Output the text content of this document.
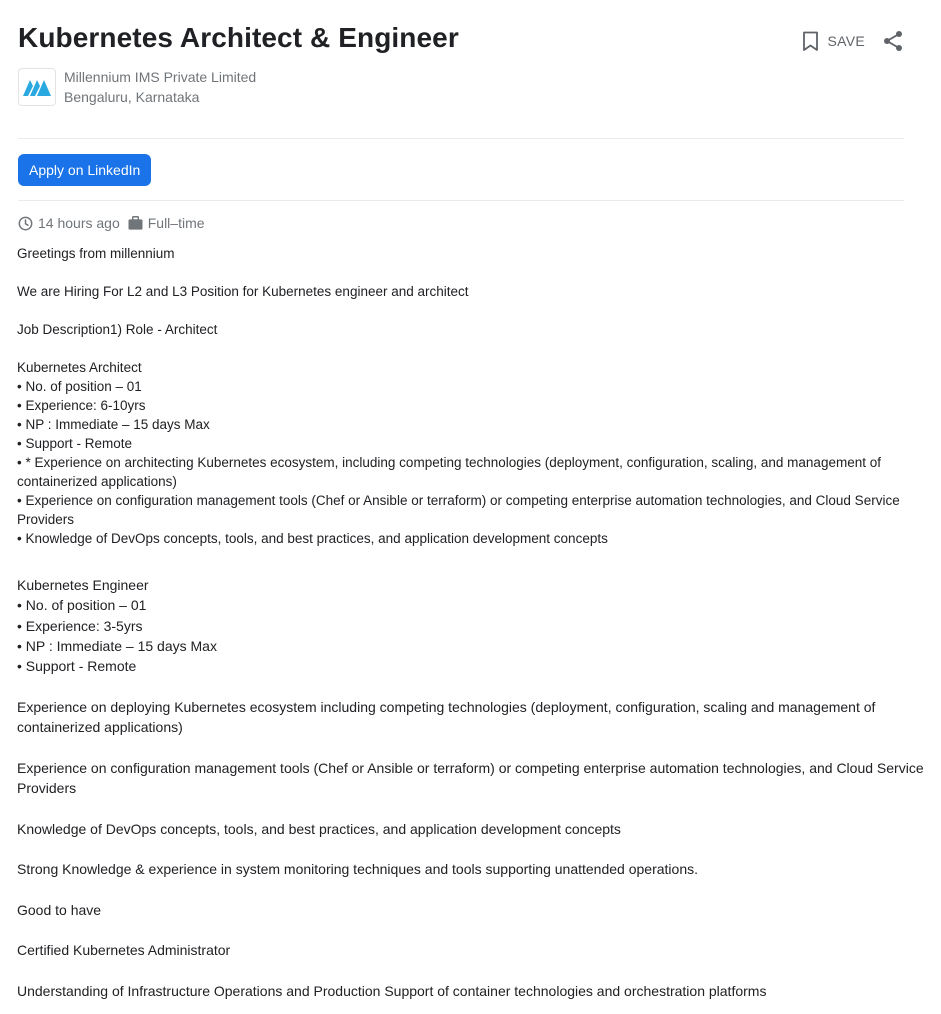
Kubernetes Architect & Engineer	SAVE
Millennium IMS Private Limited
Bengaluru, Karnataka
Apply on LinkedIn
14 hours ago Full–time

Greetings from millennium

We are Hiring For L2 and L3 Position for Kubernetes engineer and architect

Job Description1) Role - Architect

Kubernetes Architect

• No. of position – 01

• Experience: 6-10yrs

• NP : Immediate – 15 days Max

• Support - Remote

• * Experience on architecting Kubernetes ecosystem, including competing technologies (deployment, configuration, scaling, and management of containerized applications)

• Experience on configuration management tools (Chef or Ansible or terraform) or competing enterprise automation technologies, and Cloud Service Providers

• Knowledge of DevOps concepts, tools, and best practices, and application development concepts

Kubernetes Engineer

• No. of position – 01

• Experience: 3-5yrs

• NP : Immediate – 15 days Max

• Support - Remote

Experience on deploying Kubernetes ecosystem including competing technologies (deployment, configuration, scaling and management of containerized applications)

Experience on configuration management tools (Chef or Ansible or terraform) or competing enterprise automation technologies, and Cloud Service Providers

Knowledge of DevOps concepts, tools, and best practices, and application development concepts

Strong Knowledge & experience in system monitoring techniques and tools supporting unattended operations.

Good to have

Certified Kubernetes Administrator

Understanding of Infrastructure Operations and Production Support of container technologies and orchestration platforms
